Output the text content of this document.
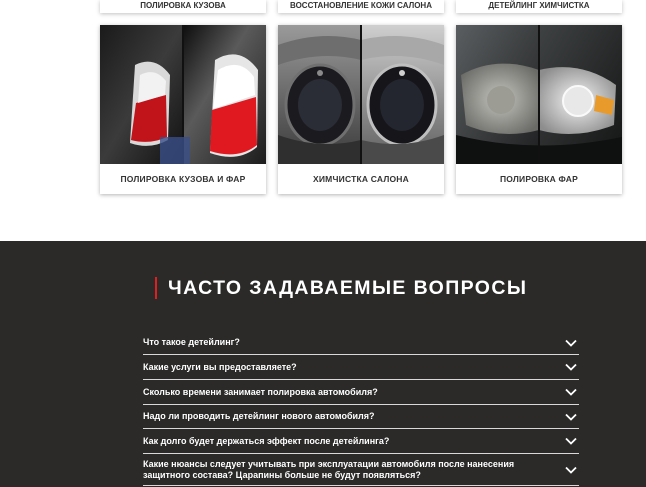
ПОЛИРОВКА КУЗОВА	ВОССТАНОВЛЕНИЕ КОЖИ САЛОНА	ДЕТЕЙЛИНГ ХИМЧИСТКА
ПОЛИРОВКА КУЗОВА И ФАР	ХИМЧИСТКА САЛОНА	ПОЛИРОВКА ФАР
ЧАСТО ЗАДАВАЕМЫЕ ВОПРОСЫ
Что такое детейлинг?
Какие услуги вы предоставляете?
Сколько времени занимает полировка автомобиля?
Надо ли проводить детейлинг нового автомобиля?
Как долго будет держаться эффект после детейлинга?
Какие нюансы следует учитывать при эксплуатации автомобиля после нанесения защитного состава? Царапины больше не будут появляться?
